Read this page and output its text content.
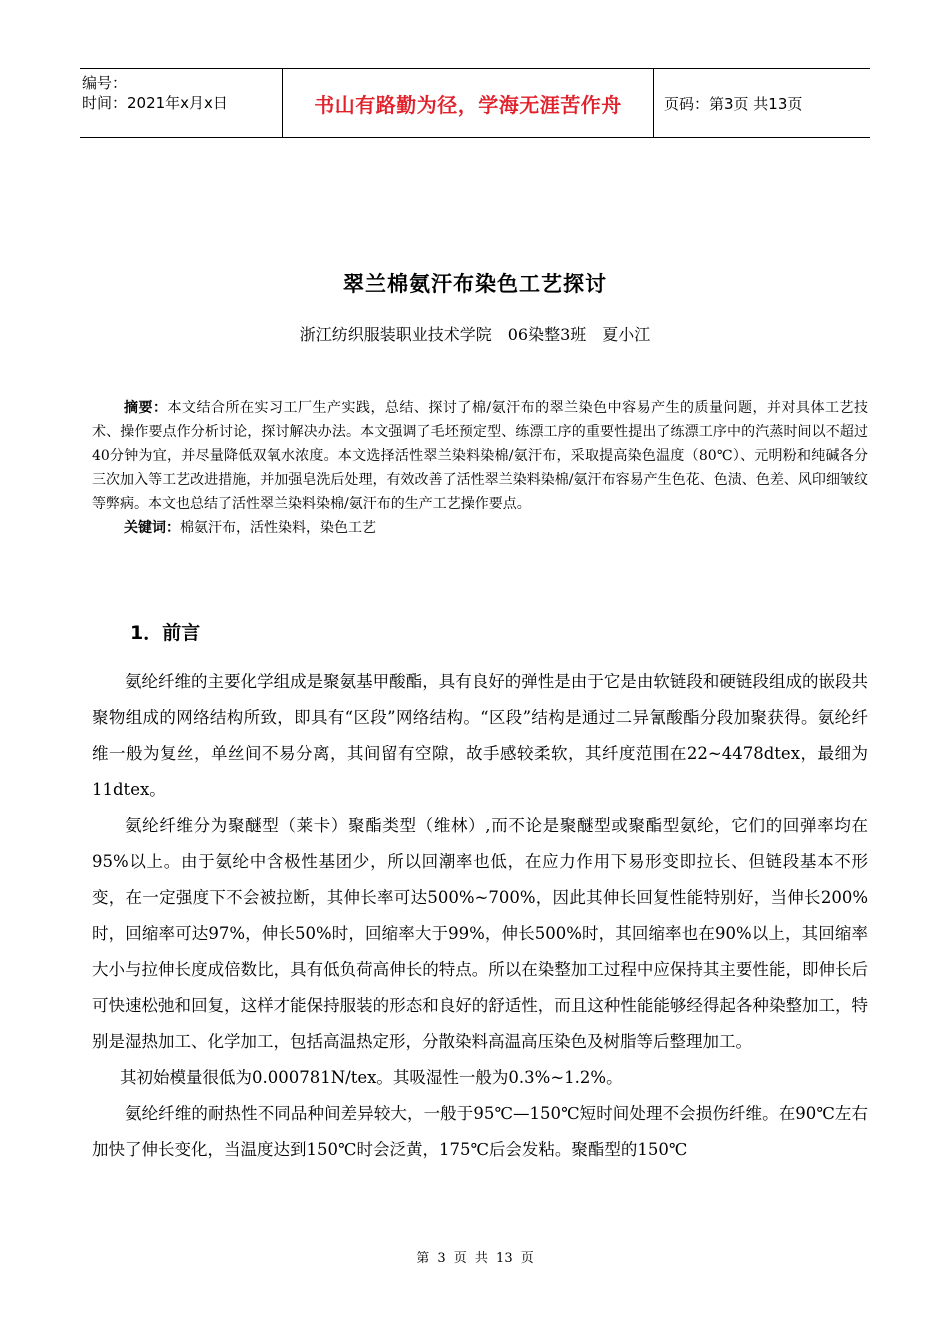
编号：
时间：2021年x月x日	书山有路勤为径，学海无涯苦作舟	页码：第3页 共13页
翠兰棉氨汗布染色工艺探讨
浙江纺织服装职业技术学院　06染整3班　夏小江

摘要：本文结合所在实习工厂生产实践，总结、探讨了棉/氨汗布的翠兰染色中容易产生的质量问题，并对具体工艺技术、操作要点作分析讨论，探讨解决办法。本文强调了毛坯预定型、练漂工序的重要性提出了练漂工序中的汽蒸时间以不超过40分钟为宜，并尽量降低双氧水浓度。本文选择活性翠兰染料染棉/氨汗布，采取提高染色温度（80℃）、元明粉和纯碱各分三次加入等工艺改进措施，并加强皂洗后处理，有效改善了活性翠兰染料染棉/氨汗布容易产生色花、色渍、色差、风印细皱纹等弊病。本文也总结了活性翠兰染料染棉/氨汗布的生产工艺操作要点。

关键词：棉氨汗布，活性染料，染色工艺

1．前言

氨纶纤维的主要化学组成是聚氨基甲酸酯，具有良好的弹性是由于它是由软链段和硬链段组成的嵌段共聚物组成的网络结构所致，即具有“区段”网络结构。“区段”结构是通过二异氰酸酯分段加聚获得。氨纶纤维一般为复丝，单丝间不易分离，其间留有空隙，故手感较柔软，其纤度范围在22~4478dtex，最细为11dtex。

氨纶纤维分为聚醚型（莱卡）聚酯类型（维林）,而不论是聚醚型或聚酯型氨纶，它们的回弹率均在95%以上。由于氨纶中含极性基团少，所以回潮率也低，在应力作用下易形变即拉长、但链段基本不形变，在一定强度下不会被拉断，其伸长率可达500%~700%，因此其伸长回复性能特别好，当伸长200%时，回缩率可达97%，伸长50%时，回缩率大于99%，伸长500%时，其回缩率也在90%以上，其回缩率大小与拉伸长度成倍数比，具有低负荷高伸长的特点。所以在染整加工过程中应保持其主要性能，即伸长后可快速松弛和回复，这样才能保持服装的形态和良好的舒适性，而且这种性能能够经得起各种染整加工，特别是湿热加工、化学加工，包括高温热定形，分散染料高温高压染色及树脂等后整理加工。

其初始模量很低为0.000781N/tex。其吸湿性一般为0.3%~1.2%。

氨纶纤维的耐热性不同品种间差异较大，一般于95℃—150℃短时间处理不会损伤纤维。在90℃左右加快了伸长变化，当温度达到150℃时会泛黄，175℃后会发粘。聚酯型的150℃

第 3 页 共 13 页
